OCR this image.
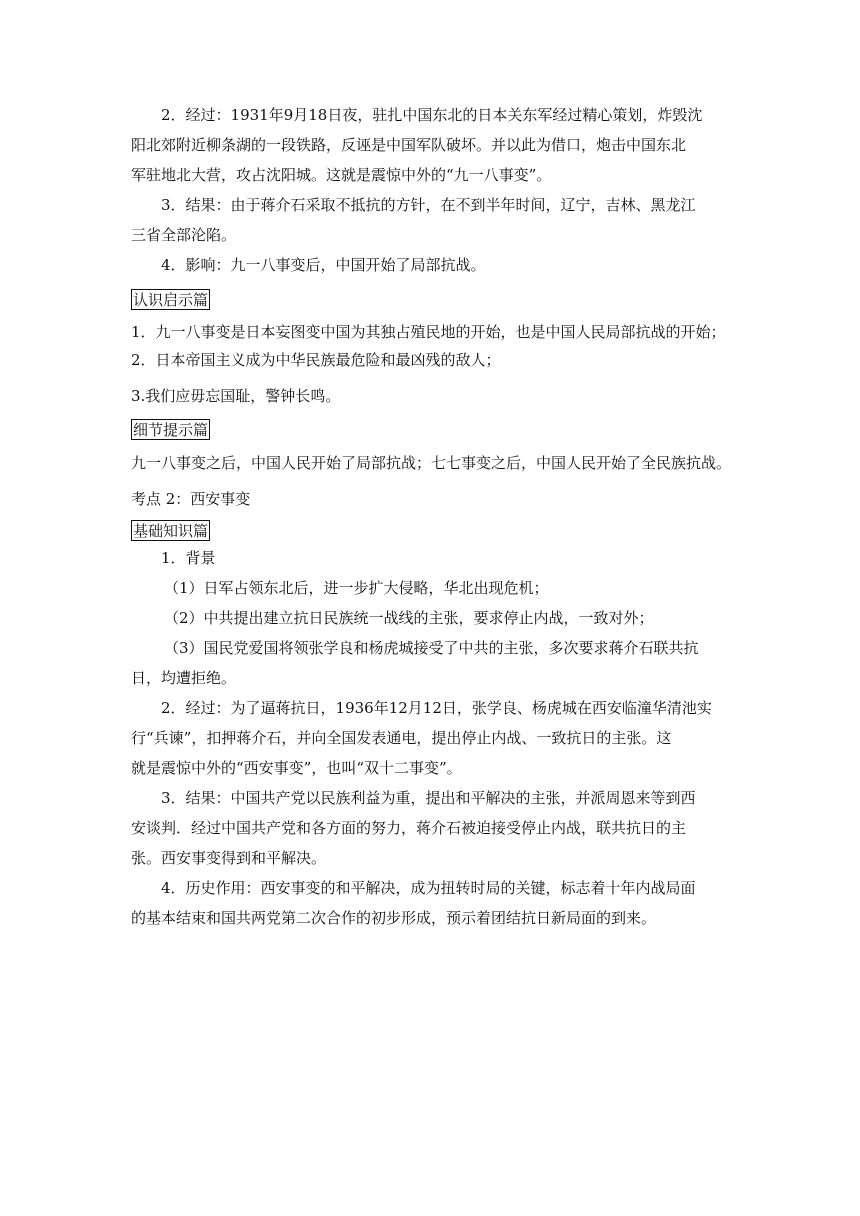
2．经过：1931年9月18日夜，驻扎中国东北的日本关东军经过精心策划，炸毁沈
阳北郊附近柳条湖的一段铁路，反诬是中国军队破坏。并以此为借口，炮击中国东北
军驻地北大营，攻占沈阳城。这就是震惊中外的“九一八事变”。
3．结果：由于蒋介石采取不抵抗的方针，在不到半年时间，辽宁，吉林、黑龙江
三省全部沦陷。
4．影响：九一八事变后，中国开始了局部抗战。
认识启示篇
1．九一八事变是日本妄图变中国为其独占殖民地的开始，也是中国人民局部抗战的开始；
2．日本帝国主义成为中华民族最危险和最凶残的敌人；
3.我们应毋忘国耻，警钟长鸣。
细节提示篇
九一八事变之后，中国人民开始了局部抗战；七七事变之后，中国人民开始了全民族抗战。
考点 2：西安事变
基础知识篇
1．背景
（1）日军占领东北后，进一步扩大侵略，华北出现危机；
（2）中共提出建立抗日民族统一战线的主张，要求停止内战，一致对外；
（3）国民党爱国将领张学良和杨虎城接受了中共的主张，多次要求蒋介石联共抗
日，均遭拒绝。
2．经过：为了逼蒋抗日，1936年12月12日，张学良、杨虎城在西安临潼华清池实
行“兵谏”，扣押蒋介石，并向全国发表通电，提出停止内战、一致抗日的主张。这
就是震惊中外的“西安事变”，也叫“双十二事变”。
3．结果：中国共产党以民族利益为重，提出和平解决的主张，并派周恩来等到西
安谈判．经过中国共产党和各方面的努力，蒋介石被迫接受停止内战，联共抗日的主
张。西安事变得到和平解决。
4．历史作用：西安事变的和平解决，成为扭转时局的关键，标志着十年内战局面
的基本结束和国共两党第二次合作的初步形成，预示着团结抗日新局面的到来。
